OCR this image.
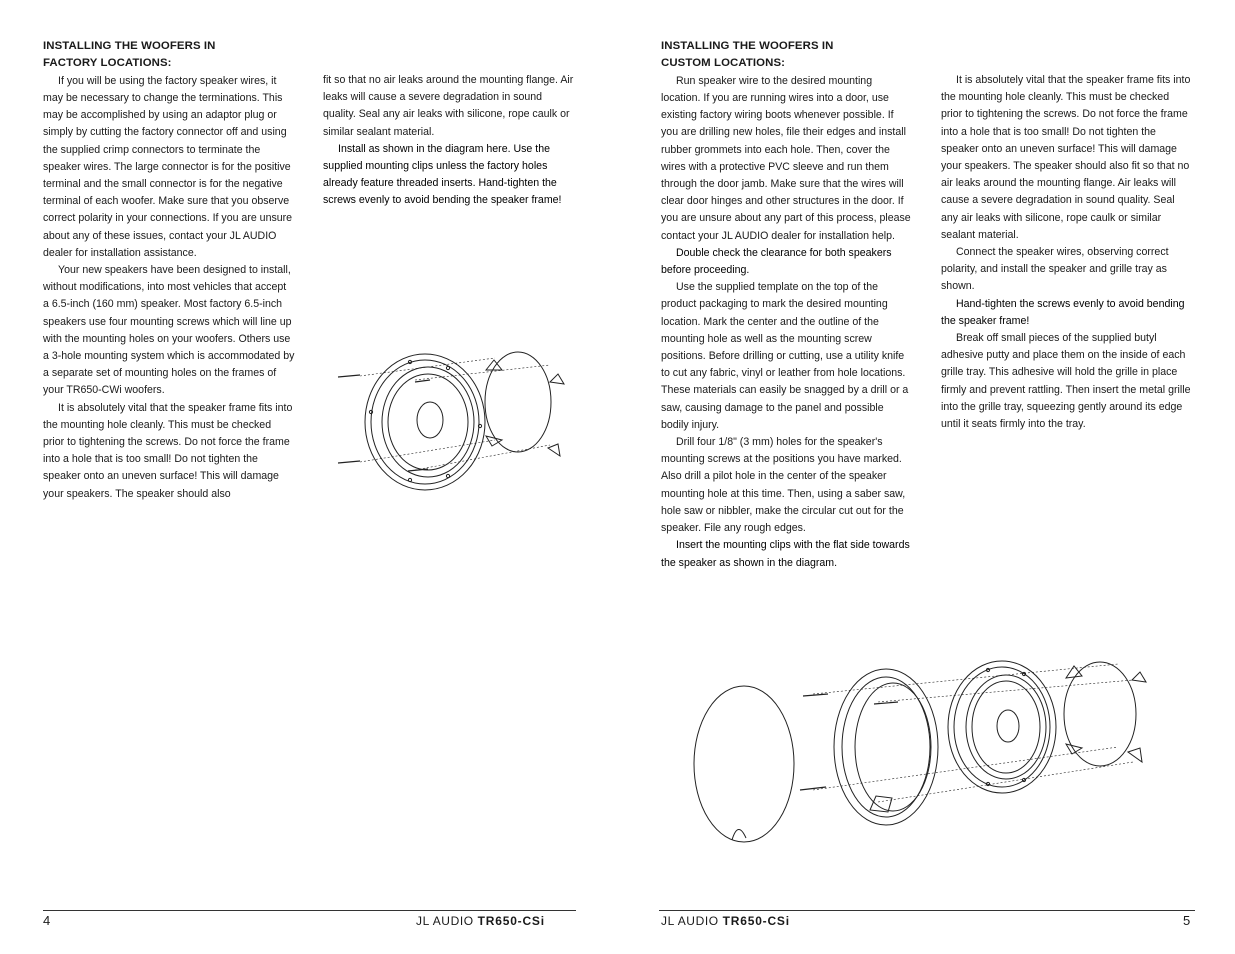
INSTALLING THE WOOFERS IN

FACTORY LOCATIONS:

If you will be using the factory speaker wires, it may be necessary to change the terminations. This may be accomplished by using an adaptor plug or simply by cutting the factory connector off and using the supplied crimp connectors to terminate the speaker wires. The large connector is for the positive terminal and the small connector is for the negative terminal of each woofer. Make sure that you observe correct polarity in your connections. If you are unsure about any of these issues, contact your JL AUDIO dealer for installation assistance.

Your new speakers have been designed to install, without modifications, into most vehicles that accept a 6.5-inch (160 mm) speaker. Most factory 6.5-inch speakers use four mounting screws which will line up with the mounting holes on your woofers. Others use a 3-hole mounting system which is accommodated by a separate set of mounting holes on the frames of your TR650-CWi woofers.

It is absolutely vital that the speaker frame fits into the mounting hole cleanly. This must be checked prior to tightening the screws. Do not force the frame into a hole that is too small! Do not tighten the speaker onto an uneven surface! This will damage your speakers. The speaker should also

fit so that no air leaks around the mounting flange. Air leaks will cause a severe degradation in sound quality. Seal any air leaks with silicone, rope caulk or similar sealant material.

Install as shown in the diagram here. Use the supplied mounting clips unless the factory holes already feature threaded inserts. Hand-tighten the screws evenly to avoid bending the speaker frame!

4	JL AUDIO TR650-CSi

INSTALLING THE WOOFERS IN

CUSTOM LOCATIONS:

Run speaker wire to the desired mounting location. If you are running wires into a door, use existing factory wiring boots whenever possible. If you are drilling new holes, file their edges and install rubber grommets into each hole. Then, cover the wires with a protective PVC sleeve and run them through the door jamb. Make sure that the wires will clear door hinges and other structures in the door. If you are unsure about any part of this process, please contact your JL AUDIO dealer for installation help.

Double check the clearance for both speakers before proceeding.

Use the supplied template on the top of the product packaging to mark the desired mounting location. Mark the center and the outline of the mounting hole as well as the mounting screw positions. Before drilling or cutting, use a utility knife to cut any fabric, vinyl or leather from hole locations. These materials can easily be snagged by a drill or a saw, causing damage to the panel and possible bodily injury.

Drill four 1/8" (3 mm) holes for the speaker's mounting screws at the positions you have marked. Also drill a pilot hole in the center of the speaker mounting hole at this time. Then, using a saber saw, hole saw or nibbler, make the circular cut out for the speaker. File any rough edges.

Insert the mounting clips with the flat side towards the speaker as shown in the diagram.

It is absolutely vital that the speaker frame fits into the mounting hole cleanly. This must be checked prior to tightening the screws. Do not force the frame into a hole that is too small! Do not tighten the speaker onto an uneven surface! This will damage your speakers. The speaker should also fit so that no air leaks around the mounting flange. Air leaks will cause a severe degradation in sound quality. Seal any air leaks with silicone, rope caulk or similar sealant material.

Connect the speaker wires, observing correct polarity, and install the speaker and grille tray as shown.

Hand-tighten the screws evenly to avoid bending the speaker frame!

Break off small pieces of the supplied butyl adhesive putty and place them on the inside of each grille tray. This adhesive will hold the grille in place firmly and prevent rattling. Then insert the metal grille into the grille tray, squeezing gently around its edge until it seats firmly into the tray.

JL AUDIO TR650-CSi	5
